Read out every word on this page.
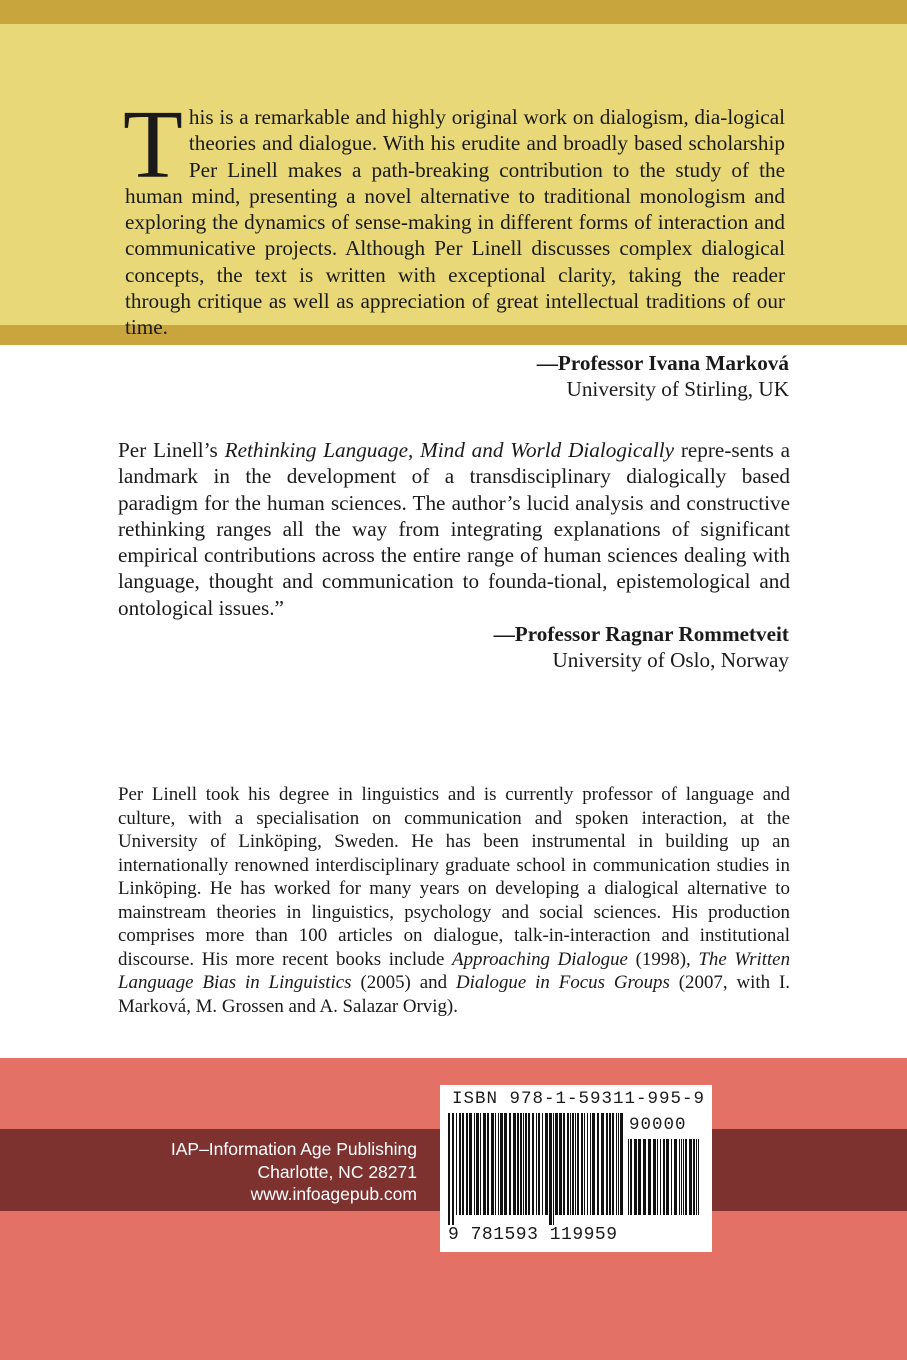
This is a remarkable and highly original work on dialogism, dia-logical theories and dialogue. With his erudite and broadly based scholarship Per Linell makes a path-breaking contribution to the study of the human mind, presenting a novel alternative to traditional monologism and exploring the dynamics of sense-making in different forms of interaction and communicative projects. Although Per Linell discusses complex dialogical concepts, the text is written with exceptional clarity, taking the reader through critique as well as appreciation of great intellectual traditions of our time.

—Professor Ivana Marková
University of Stirling, UK

Per Linell’s Rethinking Language, Mind and World Dialogically repre-sents a landmark in the development of a transdisciplinary dialogically based paradigm for the human sciences. The author’s lucid analysis and constructive rethinking ranges all the way from integrating explanations of significant empirical contributions across the entire range of human sciences dealing with language, thought and communication to founda-tional, epistemological and ontological issues.”

—Professor Ragnar Rommetveit
University of Oslo, Norway

Per Linell took his degree in linguistics and is currently professor of language and culture, with a specialisation on communication and spoken interaction, at the University of Linköping, Sweden. He has been instrumental in building up an internationally renowned interdisciplinary graduate school in communication studies in Linköping. He has worked for many years on developing a dialogical alternative to mainstream theories in linguistics, psychology and social sciences. His production comprises more than 100 articles on dialogue, talk-in-interaction and institutional discourse. His more recent books include Approaching Dialogue (1998), The Written Language Bias in Linguistics (2005) and Dialogue in Focus Groups (2007, with I. Marková, M. Grossen and A. Salazar Orvig).

IAP–Information Age Publishing
Charlotte, NC 28271
www.infoagepub.com
ISBN 978-1-59311-995-9
90000
9 781593 119959
